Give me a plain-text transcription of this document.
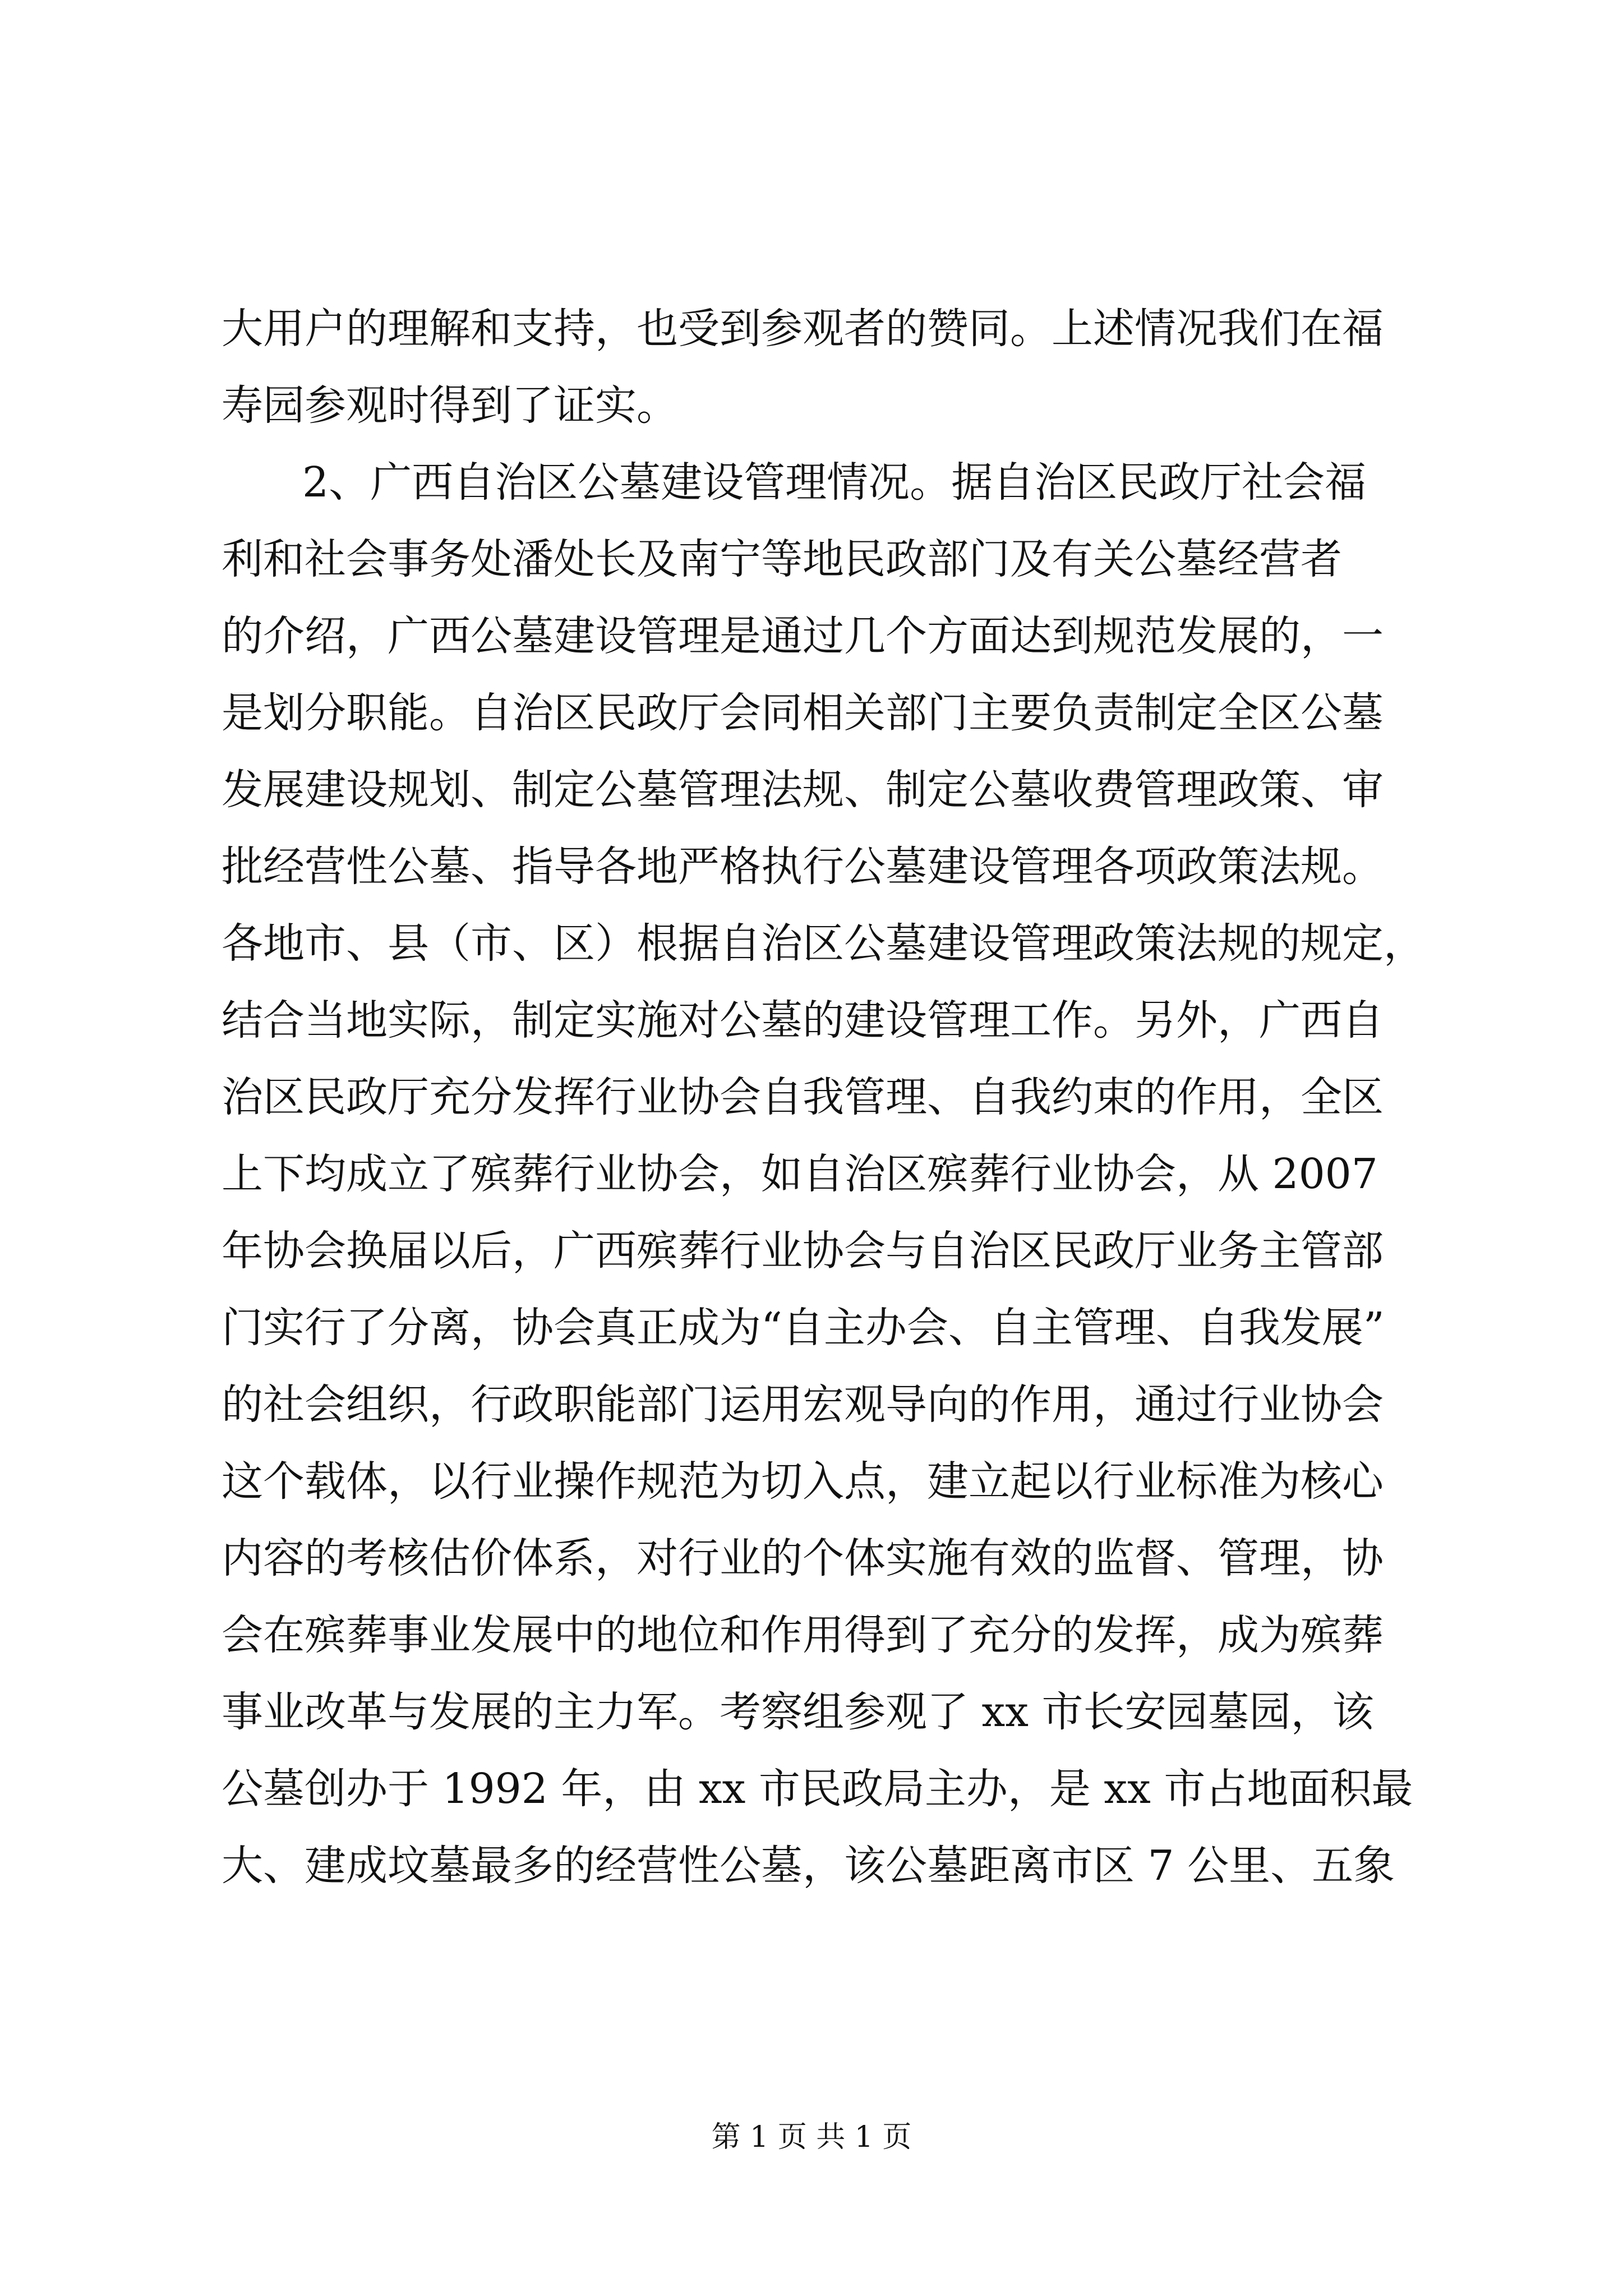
大用户的理解和支持，也受到参观者的赞同。上述情况我们在福
寿园参观时得到了证实。
2、广西自治区公墓建设管理情况。据自治区民政厅社会福
利和社会事务处潘处长及南宁等地民政部门及有关公墓经营者
的介绍，广西公墓建设管理是通过几个方面达到规范发展的，一
是划分职能。自治区民政厅会同相关部门主要负责制定全区公墓
发展建设规划、制定公墓管理法规、制定公墓收费管理政策、审
批经营性公墓、指导各地严格执行公墓建设管理各项政策法规。
各地市、县（市、区）根据自治区公墓建设管理政策法规的规定，
结合当地实际，制定实施对公墓的建设管理工作。另外，广西自
治区民政厅充分发挥行业协会自我管理、自我约束的作用，全区
上下均成立了殡葬行业协会，如自治区殡葬行业协会，从 2007
年协会换届以后，广西殡葬行业协会与自治区民政厅业务主管部
门实行了分离，协会真正成为“自主办会、自主管理、自我发展”
的社会组织，行政职能部门运用宏观导向的作用，通过行业协会
这个载体，以行业操作规范为切入点，建立起以行业标准为核心
内容的考核估价体系，对行业的个体实施有效的监督、管理，协
会在殡葬事业发展中的地位和作用得到了充分的发挥，成为殡葬
事业改革与发展的主力军。考察组参观了 xx 市长安园墓园，该
公墓创办于 1992 年，由 xx 市民政局主办，是 xx 市占地面积最
大、建成坟墓最多的经营性公墓，该公墓距离市区 7 公里、五象
第 1 页 共 1 页
